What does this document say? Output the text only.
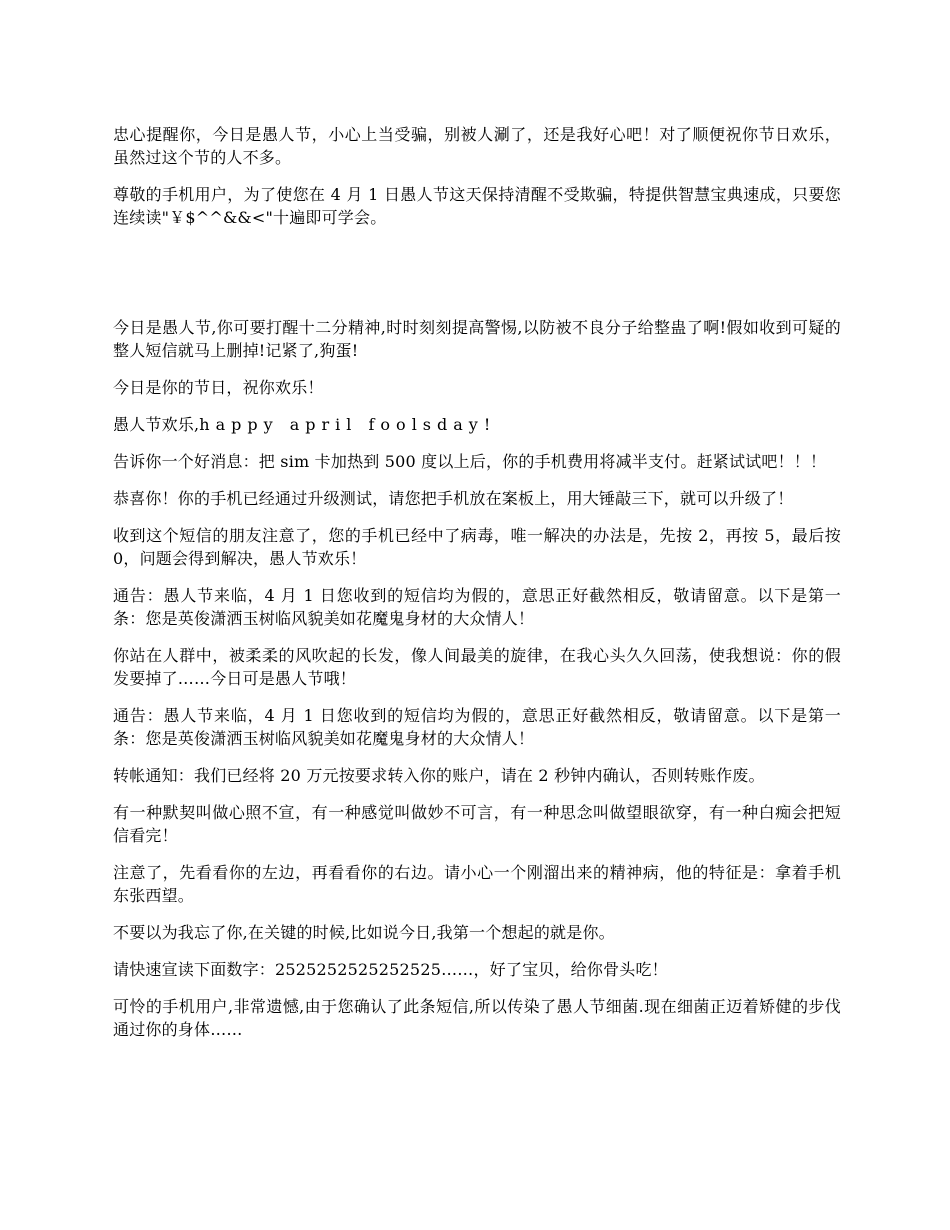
忠心提醒你，今日是愚人节，小心上当受骗，别被人涮了，还是我好心吧！对了顺便祝你节日欢乐，虽然过这个节的人不多。

尊敬的手机用户，为了使您在 4 月 1 日愚人节这天保持清醒不受欺骗，特提供智慧宝典速成，只要您连续读"￥$^^&&<"十遍即可学会。

今日是愚人节,你可要打醒十二分精神,时时刻刻提高警惕,以防被不良分子给整蛊了啊!假如收到可疑的整人短信就马上删掉!记紧了,狗蛋!

今日是你的节日，祝你欢乐！

愚人节欢乐,happy april foolsday!

告诉你一个好消息：把 sim 卡加热到 500 度以上后，你的手机费用将减半支付。赶紧试试吧！！！

恭喜你！你的手机已经通过升级测试，请您把手机放在案板上，用大锤敲三下，就可以升级了！

收到这个短信的朋友注意了，您的手机已经中了病毒，唯一解决的办法是，先按 2，再按 5，最后按 0，问题会得到解决，愚人节欢乐！

通告：愚人节来临，4 月 1 日您收到的短信均为假的，意思正好截然相反，敬请留意。以下是第一条：您是英俊潇洒玉树临风貌美如花魔鬼身材的大众情人！

你站在人群中，被柔柔的风吹起的长发，像人间最美的旋律，在我心头久久回荡，使我想说：你的假发要掉了……今日可是愚人节哦！

通告：愚人节来临，4 月 1 日您收到的短信均为假的，意思正好截然相反，敬请留意。以下是第一条：您是英俊潇洒玉树临风貌美如花魔鬼身材的大众情人！

转帐通知：我们已经将 20 万元按要求转入你的账户，请在 2 秒钟内确认，否则转账作废。

有一种默契叫做心照不宣，有一种感觉叫做妙不可言，有一种思念叫做望眼欲穿，有一种白痴会把短信看完！

注意了，先看看你的左边，再看看你的右边。请小心一个刚溜出来的精神病，他的特征是：拿着手机东张西望。

不要以为我忘了你,在关键的时候,比如说今日,我第一个想起的就是你。

请快速宣读下面数字：2525252525252525……，好了宝贝，给你骨头吃！

可怜的手机用户,非常遗憾,由于您确认了此条短信,所以传染了愚人节细菌.现在细菌正迈着矫健的步伐通过你的身体……
